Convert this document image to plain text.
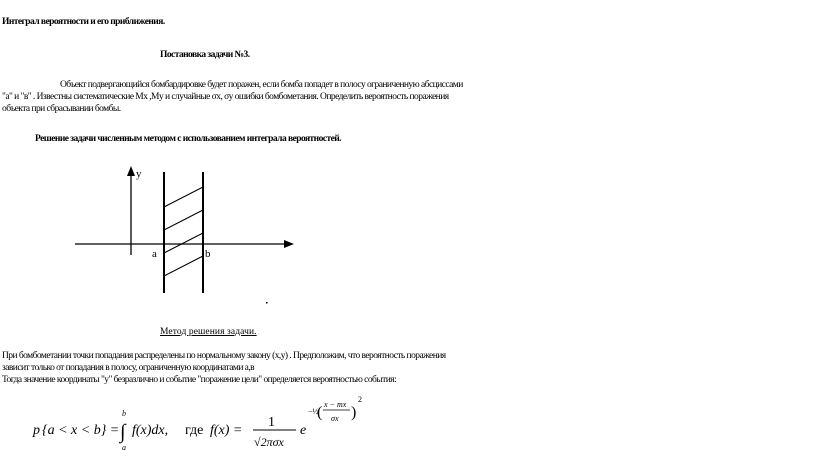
Интеграл вероятности и его приближения.
Постановка задачи №3.
Объект подвергающийся бомбардировке будет поражен, если бомба попадет в полосу ограниченную абсциссами
"a" и "в" . Известны систематические Mx ,My и случайные σx, σy ошибки бомбометания. Определить вероятность поражения
объекта при сбрасывании бомбы.
Решение задачи численным методом с использованием интеграла вероятностей.
y
a	b
Метод решения задачи.
При бомбометании точки попадания распределены по нормальному закону (x,y) . Предположим, что вероятность поражения
зависит только от попадания в полосу, ограниченную координатами a,в
Тогда значение координаты "y" безразлично и событие "поражение цели" определяется вероятностью события:
p {a < x < b} =
b
∫
a
f(x)dx, где f(x) =
1
√2πσx
e
−½
( x − mx
σx )
2
